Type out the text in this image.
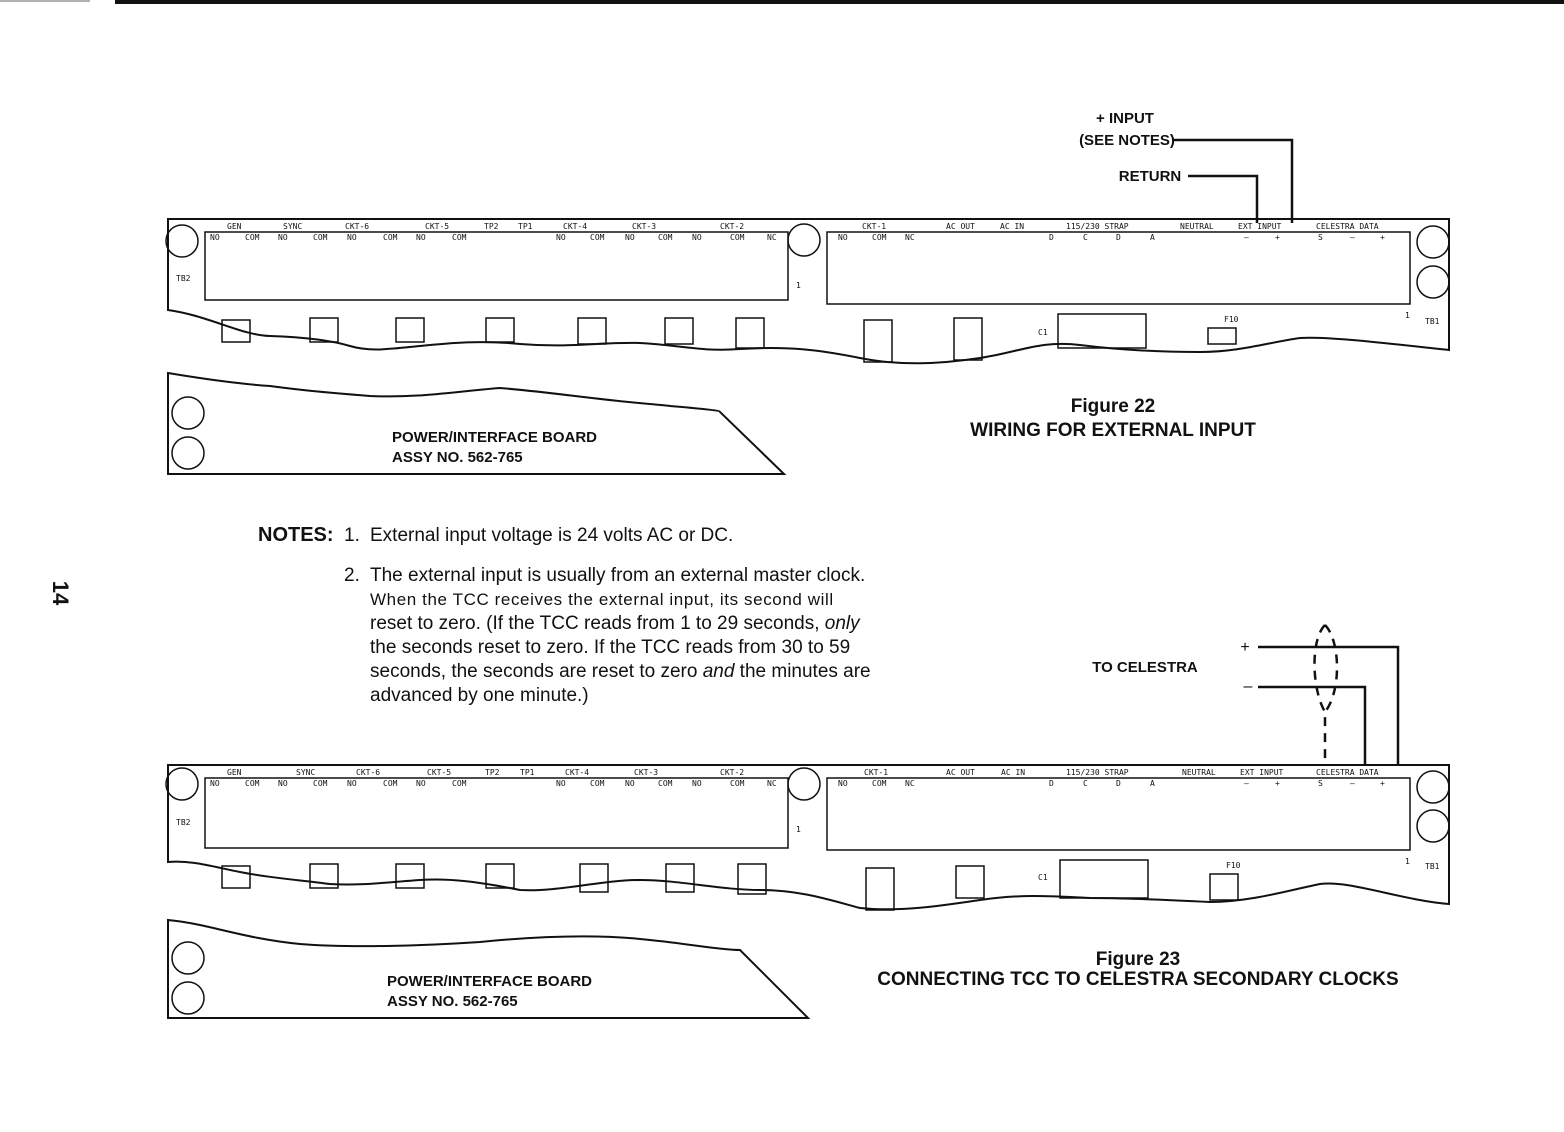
14
+ INPUT
(SEE NOTES)
RETURN
GEN	SYNC	CKT-6	CKT-5	TP2 TP1	CKT-4	CKT-3	CKT-2
NO	COM NO	COM NO	COM NO	COM	NO	COM	NO	COM NO	COM	NC
CKT-1	AC OUT	AC IN	115/230 STRAP	NEUTRAL	EXT INPUT	CELESTRA DATA
NO	COM NC	D	C	D	A	–	+	S	–	+
TB2
TB1
1
1
C1
F10
POWER/INTERFACE BOARD
ASSY NO. 562-765
Figure 22
WIRING FOR EXTERNAL INPUT
TO CELESTRA
+
–
GEN	SYNC	CKT-6	CKT-5	TP2	TP1	CKT-4	CKT-3	CKT-2
NO	COM NO	COM NO	COM NO	COM	NO	COM	NO	COM NO	COM	NC
CKT-1	AC OUT	AC IN	115/230 STRAP	NEUTRAL	EXT INPUT	CELESTRA DATA
NO	COM NC	D	C	D	A	–	+	S	–	+
TB2
TB1
1
1
C1
F10
POWER/INTERFACE BOARD
ASSY NO. 562-765
Figure 23
CONNECTING TCC TO CELESTRA SECONDARY CLOCKS
NOTES: 1. External input voltage is 24 volts AC or DC.
2. The external input is usually from an external master clock.
When the TCC receives the external input, its second will
reset to zero. (If the TCC reads from 1 to 29 seconds, only
the seconds reset to zero. If the TCC reads from 30 to 59
seconds, the seconds are reset to zero and the minutes are
advanced by one minute.)
